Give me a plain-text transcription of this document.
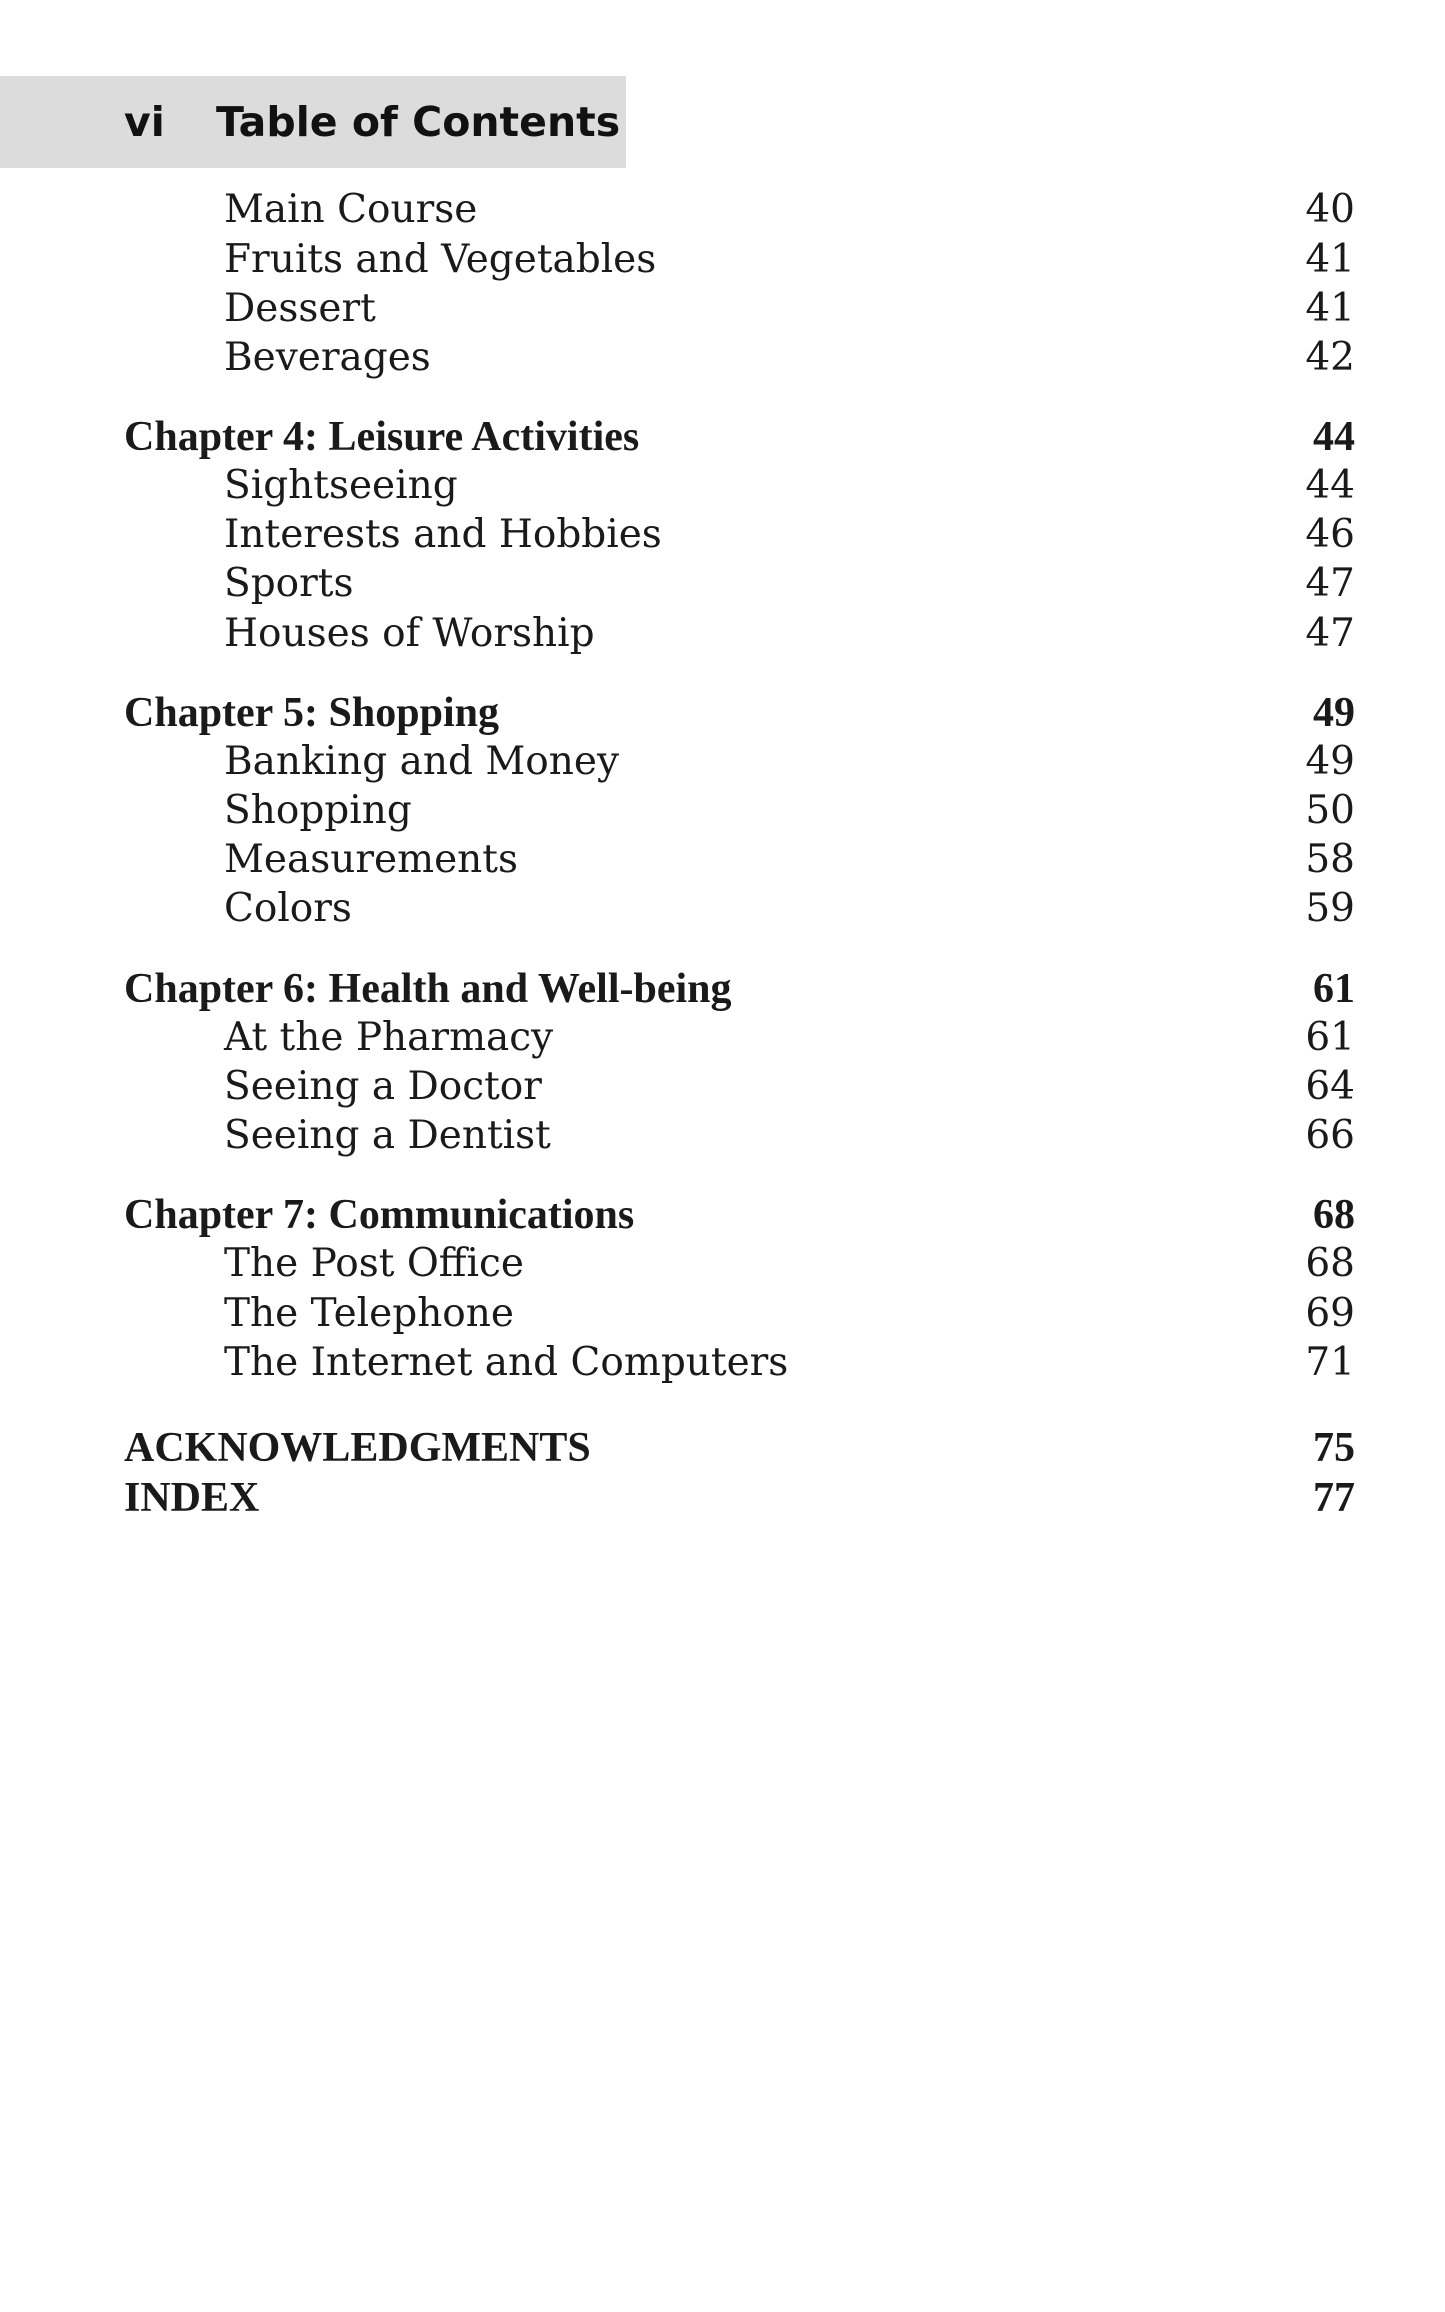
vi Table of Contents
Main Course	40
Fruits and Vegetables	41
Dessert	41
Beverages	42
Chapter 4: Leisure Activities	44
Sightseeing	44
Interests and Hobbies	46
Sports	47
Houses of Worship	47
Chapter 5: Shopping	49
Banking and Money	49
Shopping	50
Measurements	58
Colors	59
Chapter 6: Health and Well-being	61
At the Pharmacy	61
Seeing a Doctor	64
Seeing a Dentist	66
Chapter 7: Communications	68
The Post Office	68
The Telephone	69
The Internet and Computers	71
ACKNOWLEDGMENTS	75
INDEX	77
